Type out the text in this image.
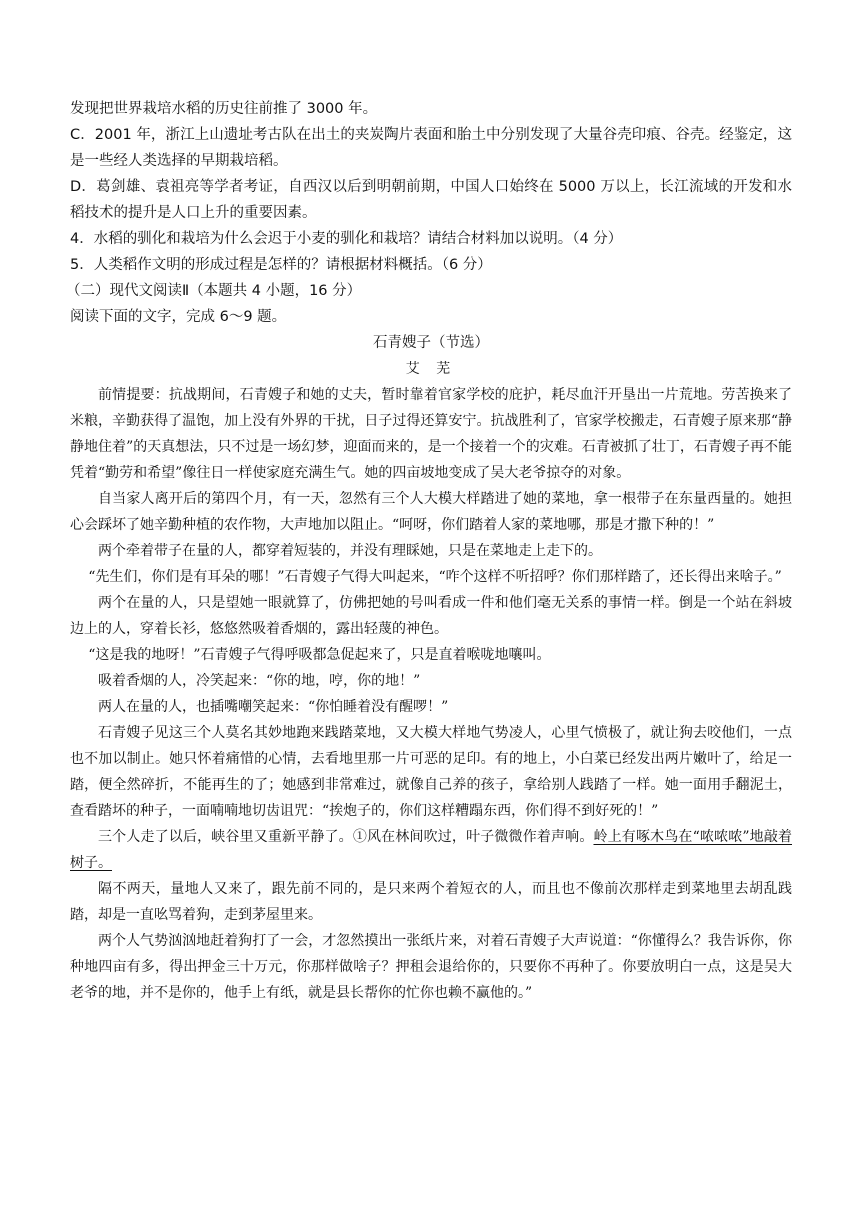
发现把世界栽培水稻的历史往前推了 3000 年。

C．2001 年，浙江上山遗址考古队在出土的夹炭陶片表面和胎土中分别发现了大量谷壳印痕、谷壳。经鉴定，这是一些经人类选择的早期栽培稻。

D．葛剑雄、袁祖亮等学者考证，自西汉以后到明朝前期，中国人口始终在 5000 万以上，长江流域的开发和水稻技术的提升是人口上升的重要因素。

4．水稻的驯化和栽培为什么会迟于小麦的驯化和栽培？请结合材料加以说明。（4 分）

5．人类稻作文明的形成过程是怎样的？请根据材料概括。（6 分）

（二）现代文阅读Ⅱ（本题共 4 小题，16 分）

阅读下面的文字，完成 6～9 题。

石青嫂子（节选）

艾 芜

前情提要：抗战期间，石青嫂子和她的丈夫，暂时靠着官家学校的庇护，耗尽血汗开垦出一片荒地。劳苦换来了米粮，辛勤获得了温饱，加上没有外界的干扰，日子过得还算安宁。抗战胜利了，官家学校搬走，石青嫂子原来那“静静地住着”的天真想法，只不过是一场幻梦，迎面而来的，是一个接着一个的灾难。石青被抓了壮丁，石青嫂子再不能凭着“勤劳和希望”像往日一样使家庭充满生气。她的四亩坡地变成了吴大老爷掠夺的对象。

自当家人离开后的第四个月，有一天，忽然有三个人大模大样踏进了她的菜地，拿一根带子在东量西量的。她担心会踩坏了她辛勤种植的农作物，大声地加以阻止。“呵呀，你们踏着人家的菜地哪，那是才撒下种的！”

两个牵着带子在量的人，都穿着短装的，并没有理睬她，只是在菜地走上走下的。

“先生们，你们是有耳朵的哪！”石青嫂子气得大叫起来，“咋个这样不听招呼？你们那样踏了，还长得出来啥子。”

两个在量的人，只是望她一眼就算了，仿佛把她的号叫看成一件和他们毫无关系的事情一样。倒是一个站在斜坡边上的人，穿着长衫，悠悠然吸着香烟的，露出轻蔑的神色。

“这是我的地呀！”石青嫂子气得呼吸都急促起来了，只是直着喉咙地嚷叫。

吸着香烟的人，冷笑起来：“你的地，哼，你的地！”

两人在量的人，也插嘴嘲笑起来：“你怕睡着没有醒啰！”

石青嫂子见这三个人莫名其妙地跑来践踏菜地，又大模大样地气势凌人，心里气愤极了，就让狗去咬他们，一点也不加以制止。她只怀着痛惜的心情，去看地里那一片可恶的足印。有的地上，小白菜已经发出两片嫩叶了，给足一踏，便全然碎折，不能再生的了；她感到非常难过，就像自己养的孩子，拿给别人践踏了一样。她一面用手翻泥土，查看踏坏的种子，一面喃喃地切齿诅咒：“挨炮子的，你们这样糟蹋东西，你们得不到好死的！”

三个人走了以后，峡谷里又重新平静了。①风在林间吹过，叶子微微作着声响。岭上有啄木鸟在“哝哝哝”地敲着树子。

隔不两天，量地人又来了，跟先前不同的，是只来两个着短衣的人，而且也不像前次那样走到菜地里去胡乱践踏，却是一直吆骂着狗，走到茅屋里来。

两个人气势汹汹地赶着狗打了一会，才忽然摸出一张纸片来，对着石青嫂子大声说道：“你懂得么？我告诉你，你种地四亩有多，得出押金三十万元，你那样做啥子？押租会退给你的，只要你不再种了。你要放明白一点，这是吴大老爷的地，并不是你的，他手上有纸，就是县长帮你的忙你也赖不赢他的。”
